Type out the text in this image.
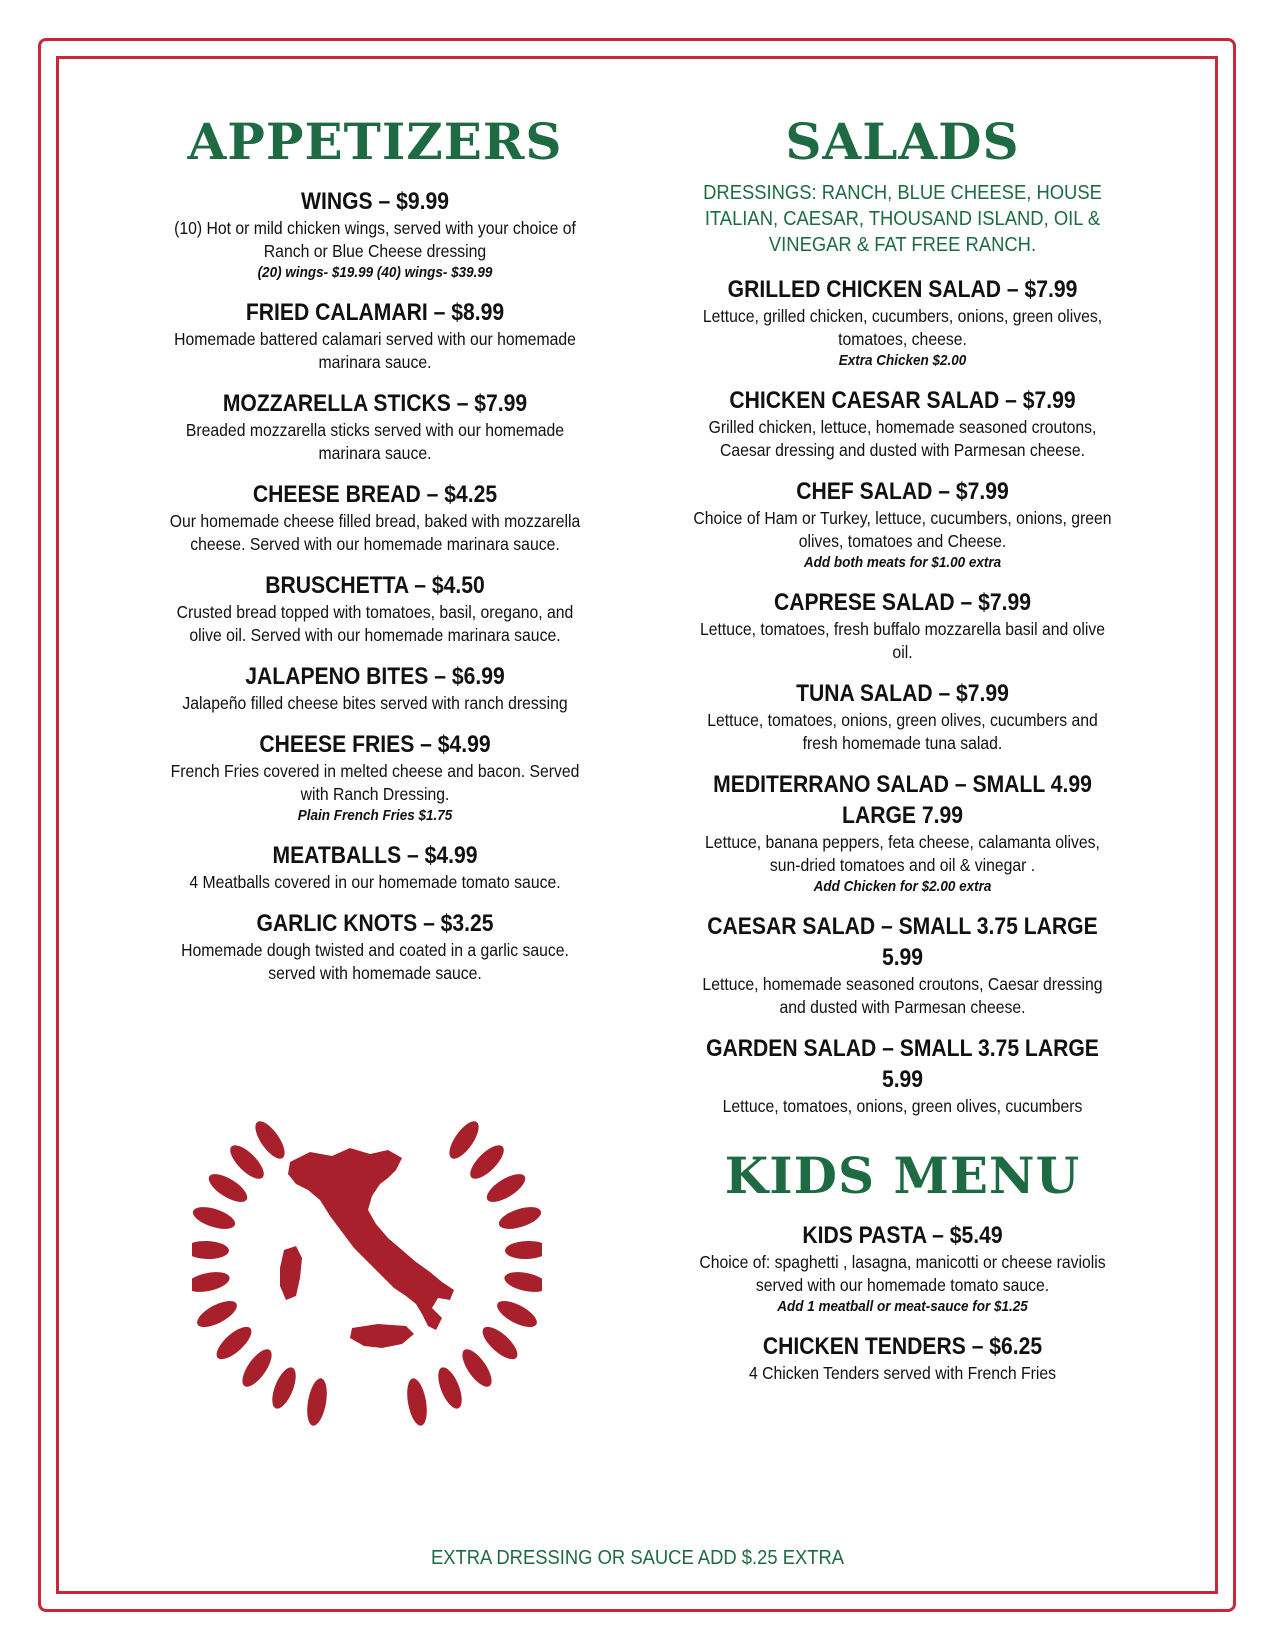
APPETIZERS
WINGS – $9.99
(10) Hot or mild chicken wings, served with your choice of Ranch or Blue Cheese dressing
(20) wings- $19.99 (40) wings- $39.99
FRIED CALAMARI – $8.99
Homemade battered calamari served with our homemade marinara sauce.
MOZZARELLA STICKS – $7.99
Breaded mozzarella sticks served with our homemade marinara sauce.
CHEESE BREAD – $4.25
Our homemade cheese filled bread, baked with mozzarella cheese. Served with our homemade marinara sauce.
BRUSCHETTA – $4.50
Crusted bread topped with tomatoes, basil, oregano, and olive oil. Served with our homemade marinara sauce.
JALAPENO BITES – $6.99
Jalapeño filled cheese bites served with ranch dressing
CHEESE FRIES – $4.99
French Fries covered in melted cheese and bacon. Served with Ranch Dressing.
Plain French Fries $1.75
MEATBALLS – $4.99
4 Meatballs covered in our homemade tomato sauce.
GARLIC KNOTS – $3.25
Homemade dough twisted and coated in a garlic sauce. served with homemade sauce.
SALADS
DRESSINGS: RANCH, BLUE CHEESE, HOUSE ITALIAN, CAESAR, THOUSAND ISLAND, OIL & VINEGAR & FAT FREE RANCH.
GRILLED CHICKEN SALAD – $7.99
Lettuce, grilled chicken, cucumbers, onions, green olives, tomatoes, cheese.
Extra Chicken $2.00
CHICKEN CAESAR SALAD – $7.99
Grilled chicken, lettuce, homemade seasoned croutons, Caesar dressing and dusted with Parmesan cheese.
CHEF SALAD – $7.99
Choice of Ham or Turkey, lettuce, cucumbers, onions, green olives, tomatoes and Cheese.
Add both meats for $1.00 extra
CAPRESE SALAD – $7.99
Lettuce, tomatoes, fresh buffalo mozzarella basil and olive oil.
TUNA SALAD – $7.99
Lettuce, tomatoes, onions, green olives, cucumbers and fresh homemade tuna salad.
MEDITERRANO SALAD – SMALL 4.99 LARGE 7.99
Lettuce, banana peppers, feta cheese, calamanta olives, sun-dried tomatoes and oil & vinegar .
Add Chicken for $2.00 extra
CAESAR SALAD – SMALL 3.75 LARGE 5.99
Lettuce, homemade seasoned croutons, Caesar dressing and dusted with Parmesan cheese.
GARDEN SALAD – SMALL 3.75 LARGE 5.99
Lettuce, tomatoes, onions, green olives, cucumbers
KIDS MENU
KIDS PASTA – $5.49
Choice of: spaghetti , lasagna, manicotti or cheese raviolis served with our homemade tomato sauce.
Add 1 meatball or meat-sauce for $1.25
CHICKEN TENDERS – $6.25
4 Chicken Tenders served with French Fries
EXTRA DRESSING OR SAUCE ADD $.25 EXTRA
